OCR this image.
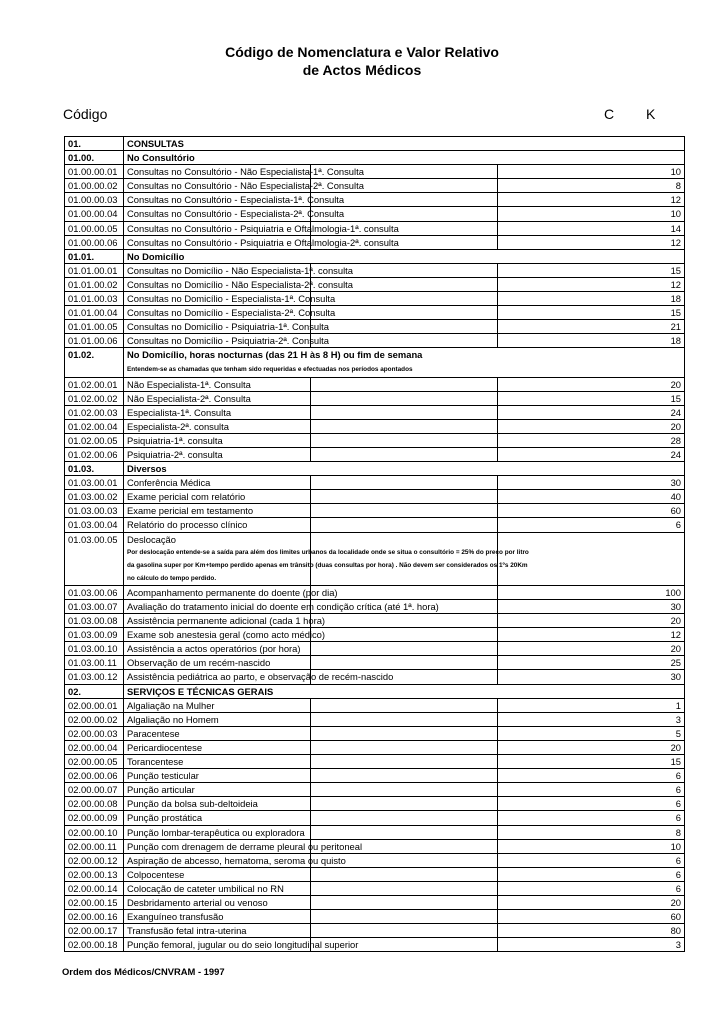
Código de Nomenclatura e Valor Relativo
de Actos Médicos
Código	C K
01.	CONSULTAS		

01.00.	No Consultório		

01.00.00.01	Consultas no Consultório - Não Especialista-1ª. Consulta		10
01.00.00.02	Consultas no Consultório - Não Especialista-2ª. Consulta		8
01.00.00.03	Consultas no Consultório - Especialista-1ª. Consulta		12
01.00.00.04	Consultas no Consultório - Especialista-2ª. Consulta		10
01.00.00.05	Consultas no Consultório - Psiquiatria e Oftalmologia-1ª. consulta		14
01.00.00.06	Consultas no Consultório - Psiquiatria e Oftalmologia-2ª. consulta		12
01.01.	No Domicílio		

01.01.00.01	Consultas no Domicílio - Não Especialista-1ª. consulta		15
01.01.00.02	Consultas no Domicílio - Não Especialista-2ª. consulta		12
01.01.00.03	Consultas no Domicílio - Especialista-1ª. Consulta		18
01.01.00.04	Consultas no Domicílio - Especialista-2ª. Consulta		15
01.01.00.05	Consultas no Domicílio - Psiquiatria-1ª. Consulta		21
01.01.00.06	Consultas no Domicílio - Psiquiatria-2ª. Consulta		18
01.02.	No Domicílio, horas nocturnas (das 21 H às 8 H) ou fim de semana
Entendem-se as chamadas que tenham sido requeridas e efectuadas nos períodos apontados		

01.02.00.01	Não Especialista-1ª. Consulta		20
01.02.00.02	Não Especialista-2ª. Consulta		15
01.02.00.03	Especialista-1ª. Consulta		24
01.02.00.04	Especialista-2ª. consulta		20
01.02.00.05	Psiquiatria-1ª. consulta		28
01.02.00.06	Psiquiatria-2ª. consulta		24
01.03.	Diversos		

01.03.00.01	Conferência Médica		30
01.03.00.02	Exame pericial com relatório		40
01.03.00.03	Exame pericial em testamento		60
01.03.00.04	Relatório do processo clínico		6
01.03.00.05	Deslocação		
	Por deslocação entende-se a saída para além dos limites urbanos da localidade onde se situa o consultório = 25% do preço por litro		
	da gasolina super por Km+tempo perdido apenas em trânsito (duas consultas por hora) . Não devem ser considerados os 1ºs 20Km		
	no cálculo do tempo perdido.		
01.03.00.06	Acompanhamento permanente do doente (por dia)		100
01.03.00.07	Avaliação do tratamento inicial do doente em condição crítica (até 1ª. hora)		30
01.03.00.08	Assistência permanente adicional (cada 1 hora)		20
01.03.00.09	Exame sob anestesia geral (como acto médico)		12
01.03.00.10	Assistência a actos operatórios (por hora)		20
01.03.00.11	Observação de um recém-nascido		25
01.03.00.12	Assistência pediátrica ao parto, e observação de recém-nascido		30
02.	SERVIÇOS E TÉCNICAS GERAIS		

02.00.00.01	Algaliação na Mulher		1
02.00.00.02	Algaliação no Homem		3
02.00.00.03	Paracentese		5
02.00.00.04	Pericardiocentese		20
02.00.00.05	Torancentese		15
02.00.00.06	Punção testicular		6
02.00.00.07	Punção articular		6
02.00.00.08	Punção da bolsa sub-deltoideia		6
02.00.00.09	Punção prostática		6
02.00.00.10	Punção lombar-terapêutica ou exploradora		8
02.00.00.11	Punção com drenagem de derrame pleural ou peritoneal		10
02.00.00.12	Aspiração de abcesso, hematoma, seroma ou quisto		6
02.00.00.13	Colpocentese		6
02.00.00.14	Colocação de cateter umbilical no RN		6
02.00.00.15	Desbridamento arterial ou venoso		20
02.00.00.16	Exanguíneo transfusão		60
02.00.00.17	Transfusão fetal intra-uterina		80
02.00.00.18	Punção femoral, jugular ou do seio longitudinal superior		3
Ordem dos Médicos/CNVRAM - 1997
